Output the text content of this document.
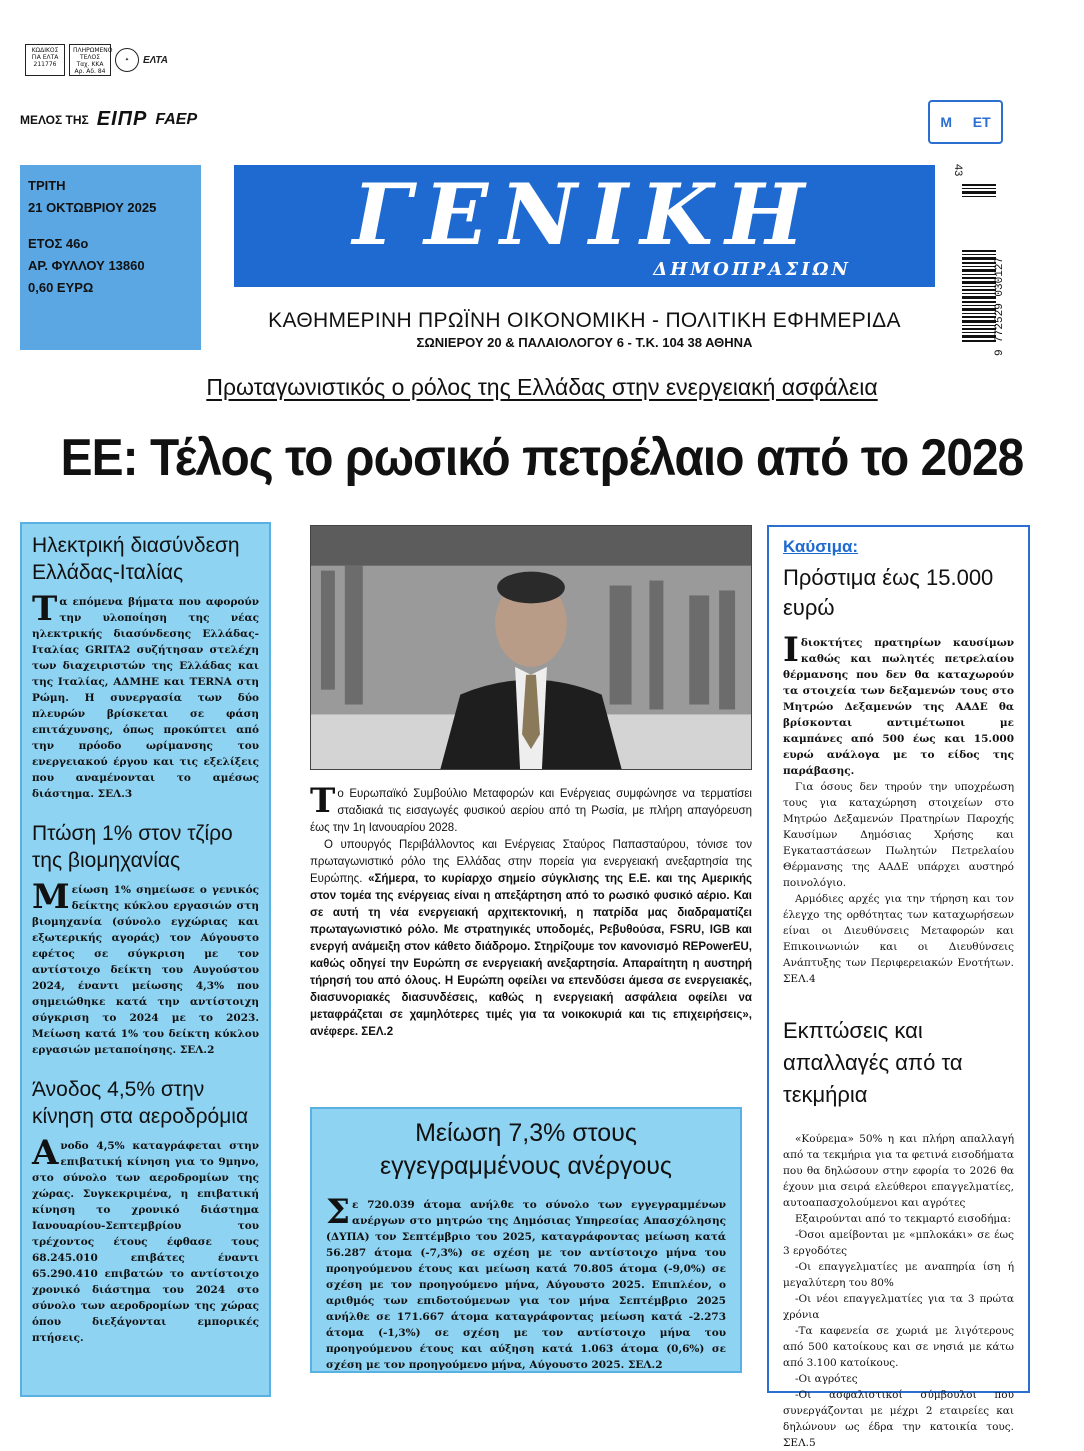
ΚΩΔΙΚΟΣ ΓΙΑ ΕΛΤΑ 211776
ΠΛΗΡΩΜΕΝΟ ΤΕΛΟΣ
Ταχ. ΚΚΑ
Αρ. Αδ. 84
✦	ΕΛΤΑ
ΜΕΛΟΣ ΤΗΣ ΕΙΠΡ FAEP	Μ ΕΤ
ΤΡΙΤΗ
21 ΟΚΤΩΒΡΙΟΥ 2025
ΕΤΟΣ 46ο
ΑΡ. ΦΥΛΛΟΥ 13860
0,60 ΕΥΡΩ
ΓΕΝΙΚΗ
ΔΗΜΟΠΡΑΣΙΩΝ
ΚΑΘΗΜΕΡΙΝΗ ΠΡΩΪΝΗ ΟΙΚΟΝΟΜΙΚΗ - ΠΟΛΙΤΙΚΗ ΕΦΗΜΕΡΙΔΑ
ΣΩΝΙΕΡΟΥ 20 & ΠΑΛΑΙΟΛΟΓΟΥ 6 - Τ.Κ. 104 38 ΑΘΗΝΑ
43
9 772529 030127
Πρωταγωνιστικός ο ρόλος της Ελλάδας στην ενεργειακή ασφάλεια
ΕΕ: Τέλος το ρωσικό πετρέλαιο από το 2028
Ηλεκτρική διασύνδεση Ελλάδας-Ιταλίας
Τα επόμενα βήματα που αφορούν την υλοποίηση της νέας ηλεκτρικής διασύνδεσης Ελλάδας-Ιταλίας GRITA2 συζήτησαν στελέχη των διαχειριστών της Ελλάδας και της Ιταλίας, ΑΔΜΗΕ και TERNA στη Ρώμη. Η συνεργασία των δύο πλευρών βρίσκεται σε φάση επιτάχυνσης, όπως προκύπτει από την πρόοδο ωρίμανσης του ενεργειακού έργου και τις εξελίξεις που αναμένονται το αμέσως διάστημα. ΣΕΛ.3
Πτώση 1% στον τζίρο της βιομηχανίας
Μείωση 1% σημείωσε ο γενικός δείκτης κύκλου εργασιών στη βιομηχανία (σύνολο εγχώριας και εξωτερικής αγοράς) τον Αύγουστο εφέτος σε σύγκριση με τον αντίστοιχο δείκτη του Αυγούστου 2024, έναντι μείωσης 4,3% που σημειώθηκε κατά την αντίστοιχη σύγκριση το 2024 με το 2023. Μείωση κατά 1% του δείκτη κύκλου εργασιών μεταποίησης. ΣΕΛ.2
Άνοδος 4,5% στην κίνηση στα αεροδρόμια
Ανοδο 4,5% καταγράφεται στην επιβατική κίνηση για το 9μηνο, στο σύνολο των αεροδρομίων της χώρας. Συγκεκριμένα, η επιβατική κίνηση το χρονικό διάστημα Ιανουαρίου-Σεπτεμβρίου του τρέχοντος έτους έφθασε τους 68.245.010 επιβάτες έναντι 65.290.410 επιβατών το αντίστοιχο χρονικό διάστημα του 2024 στο σύνολο των αεροδρομίων της χώρας όπου διεξάγονται εμπορικές πτήσεις.

Το Ευρωπαϊκό Συμβούλιο Μεταφορών και Ενέργειας συμφώνησε να τερματίσει σταδιακά τις εισαγωγές φυσικού αερίου από τη Ρωσία, με πλήρη απαγόρευση έως την 1η Ιανουαρίου 2028.

Ο υπουργός Περιβάλλοντος και Ενέργειας Σταύρος Παπασταύρου, τόνισε τον πρωταγωνιστικό ρόλο της Ελλάδας στην πορεία για ενεργειακή ανεξαρτησία της Ευρώπης. «Σήμερα, το κυρίαρχο σημείο σύγκλισης της Ε.Ε. και της Αμερικής στον τομέα της ενέργειας είναι η απεξάρτηση από το ρωσικό φυσικό αέριο. Και σε αυτή τη νέα ενεργειακή αρχιτεκτονική, η πατρίδα μας διαδραματίζει πρωταγωνιστικό ρόλο. Με στρατηγικές υποδομές, Ρεβυθούσα, FSRU, IGB και ενεργή ανάμειξη στον κάθετο διάδρομο. Στηρίζουμε τον κανονισμό REPowerEU, καθώς οδηγεί την Ευρώπη σε ενεργειακή ανεξαρτησία. Απαραίτητη η αυστηρή τήρησή του από όλους. Η Ευρώπη οφείλει να επενδύσει άμεσα σε ενεργειακές, διασυνοριακές διασυνδέσεις, καθώς η ενεργειακή ασφάλεια οφείλει να μεταφράζεται σε χαμηλότερες τιμές για τα νοικοκυριά και τις επιχειρήσεις», ανέφερε. ΣΕΛ.2

Μείωση 7,3% στους εγγεγραμμένους ανέργους
Σε 720.039 άτομα ανήλθε το σύνολο των εγγεγραμμένων ανέργων στο μητρώο της Δημόσιας Υπηρεσίας Απασχόλησης (ΔΥΠΑ) τον Σεπτέμβριο του 2025, καταγράφοντας μείωση κατά 56.287 άτομα (-7,3%) σε σχέση με τον αντίστοιχο μήνα του προηγούμενου έτους και μείωση κατά 70.805 άτομα (-9,0%) σε σχέση με τον προηγούμενο μήνα, Αύγουστο 2025. Επιπλέον, ο αριθμός των επιδοτούμενων για τον μήνα Σεπτέμβριο 2025 ανήλθε σε 171.667 άτομα καταγράφοντας μείωση κατά -2.273 άτομα (-1,3%) σε σχέση με τον αντίστοιχο μήνα του προηγούμενου έτους και αύξηση κατά 1.063 άτομα (0,6%) σε σχέση με τον προηγούμενο μήνα, Αύγουστο 2025. ΣΕΛ.2
Καύσιμα:
Πρόστιμα έως 15.000 ευρώ
Ιδιοκτήτες πρατηρίων καυσίμων καθώς και πωλητές πετρελαίου θέρμανσης που δεν θα καταχωρούν τα στοιχεία των δεξαμενών τους στο Μητρώο Δεξαμενών της ΑΑΔΕ θα βρίσκονται αντιμέτωποι με καμπάνες από 500 έως και 15.000 ευρώ ανάλογα με το είδος της παράβασης.

Για όσους δεν τηρούν την υποχρέωση τους για καταχώρηση στοιχείων στο Μητρώο Δεξαμενών Πρατηρίων Παροχής Καυσίμων Δημόσιας Χρήσης και Εγκαταστάσεων Πωλητών Πετρελαίου Θέρμανσης της ΑΑΔΕ υπάρχει αυστηρό ποινολόγιο.

Αρμόδιες αρχές για την τήρηση και τον έλεγχο της ορθότητας των καταχωρήσεων είναι οι Διευθύνσεις Μεταφορών και Επικοινωνιών και οι Διευθύνσεις Ανάπτυξης των Περιφερειακών Ενοτήτων. ΣΕΛ.4

Εκπτώσεις και απαλλαγές από τα τεκμήρια

«Κούρεμα» 50% η και πλήρη απαλλαγή από τα τεκμήρια για τα φετινά εισοδήματα που θα δηλώσουν στην εφορία το 2026 θα έχουν μια σειρά ελεύθεροι επαγγελματίες, αυτοαπασχολούμενοι και αγρότες

Εξαιρούνται από το τεκμαρτό εισοδήμα:

-Όσοι αμείβονται με «μπλοκάκι» σε έως 3 εργοδότες

-Οι επαγγελματίες με αναπηρία ίση ή μεγαλύτερη του 80%

-Οι νέοι επαγγελματίες για τα 3 πρώτα χρόνια

-Τα καφενεία σε χωριά με λιγότερους από 500 κατοίκους και σε νησιά με κάτω από 3.100 κατοίκους.

-Οι αγρότες

-Οι ασφαλιστικοί σύμβουλοι που συνεργάζονται με μέχρι 2 εταιρείες και δηλώνουν ως έδρα την κατοικία τους. ΣΕΛ.5
